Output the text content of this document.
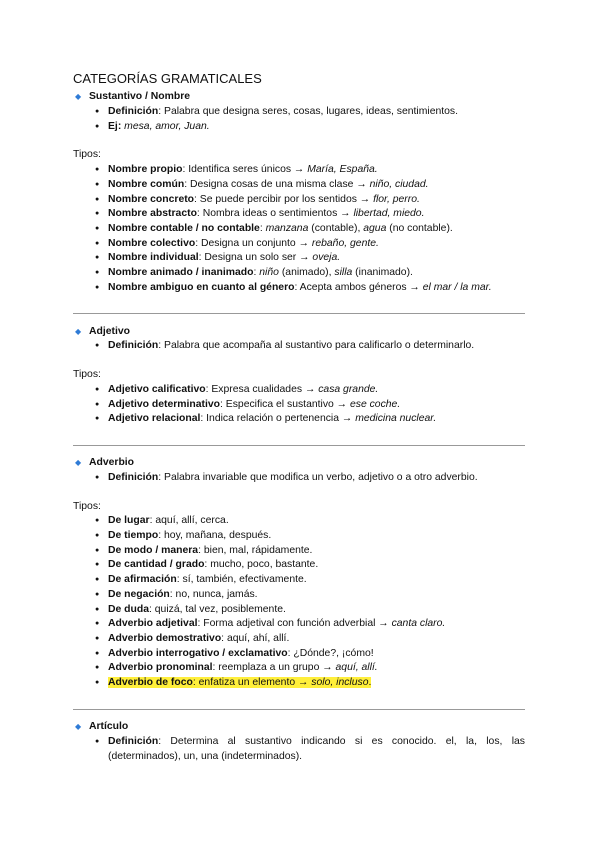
CATEGORÍAS GRAMATICALES
◆ Sustantivo / Nombre
● Definición: Palabra que designa seres, cosas, lugares, ideas, sentimientos.
● Ej: mesa, amor, Juan.
Tipos:
● Nombre propio: Identifica seres únicos → María, España.
● Nombre común: Designa cosas de una misma clase → niño, ciudad.
● Nombre concreto: Se puede percibir por los sentidos → flor, perro.
● Nombre abstracto: Nombra ideas o sentimientos → libertad, miedo.
● Nombre contable / no contable: manzana (contable), agua (no contable).
● Nombre colectivo: Designa un conjunto → rebaño, gente.
● Nombre individual: Designa un solo ser → oveja.
● Nombre animado / inanimado: niño (animado), silla (inanimado).
● Nombre ambiguo en cuanto al género: Acepta ambos géneros → el mar / la mar.
◆ Adjetivo
● Definición: Palabra que acompaña al sustantivo para calificarlo o determinarlo.
Tipos:
● Adjetivo calificativo: Expresa cualidades → casa grande.
● Adjetivo determinativo: Especifica el sustantivo → ese coche.
● Adjetivo relacional: Indica relación o pertenencia → medicina nuclear.
◆ Adverbio
● Definición: Palabra invariable que modifica un verbo, adjetivo o a otro adverbio.
Tipos:
● De lugar: aquí, allí, cerca.
● De tiempo: hoy, mañana, después.
● De modo / manera: bien, mal, rápidamente.
● De cantidad / grado: mucho, poco, bastante.
● De afirmación: sí, también, efectivamente.
● De negación: no, nunca, jamás.
● De duda: quizá, tal vez, posiblemente.
● Adverbio adjetival: Forma adjetival con función adverbial → canta claro.
● Adverbio demostrativo: aquí, ahí, allí.
● Adverbio interrogativo / exclamativo: ¿Dónde?, ¡cómo!
● Adverbio pronominal: reemplaza a un grupo → aquí, allí.
● Adverbio de foco: enfatiza un elemento → solo, incluso.
◆ Artículo
● Definición: Determina al sustantivo indicando si es conocido. el, la, los, las (determinados), un, una (indeterminados).
